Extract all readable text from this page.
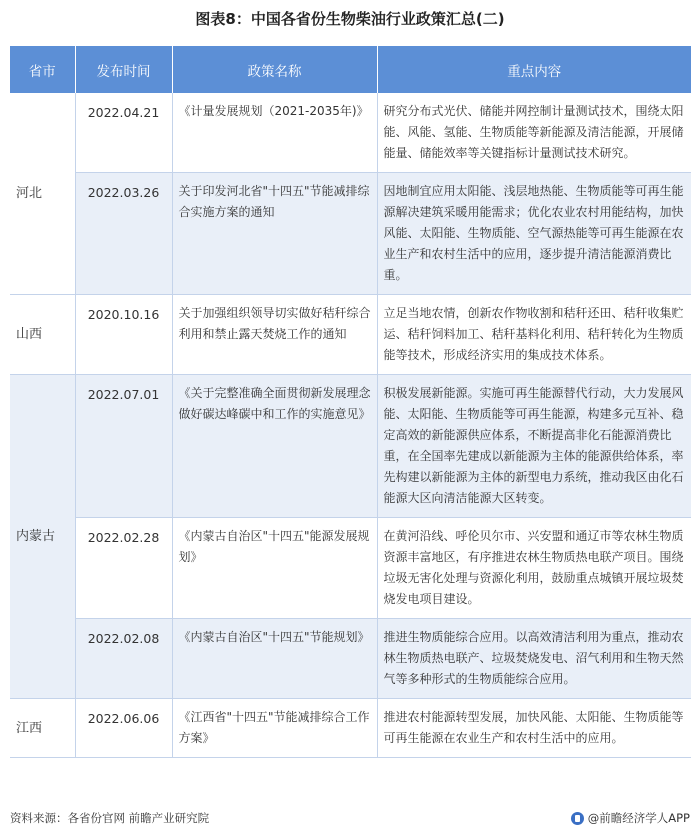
图表8：中国各省份生物柴油行业政策汇总(二)
省市	发布时间	政策名称	重点内容
河北	2022.04.21	《计量发展规划（2021-2035年)》	研究分布式光伏、储能并网控制计量测试技术，围绕太阳能、风能、氢能、生物质能等新能源及清洁能源，开展储能量、储能效率等关键指标计量测试技术研究。
	2022.03.26	关于印发河北省"十四五"节能减排综合实施方案的通知	因地制宜应用太阳能、浅层地热能、生物质能等可再生能源解决建筑采暖用能需求；优化农业农村用能结构，加快风能、太阳能、生物质能、空气源热能等可再生能源在农业生产和农村生活中的应用，逐步提升清洁能源消费比重。
山西	2020.10.16	关于加强组织领导切实做好秸秆综合利用和禁止露天焚烧工作的通知	立足当地农情，创新农作物收割和秸秆还田、秸秆收集贮运、秸秆饲料加工、秸秆基料化利用、秸秆转化为生物质能等技术，形成经济实用的集成技术体系。
内蒙古	2022.07.01	《关于完整准确全面贯彻新发展理念做好碳达峰碳中和工作的实施意见》	积极发展新能源。实施可再生能源替代行动，大力发展风能、太阳能、生物质能等可再生能源，构建多元互补、稳定高效的新能源供应体系，不断提高非化石能源消费比重，在全国率先建成以新能源为主体的能源供给体系，率先构建以新能源为主体的新型电力系统，推动我区由化石能源大区向清洁能源大区转变。
	2022.02.28	《内蒙古自治区"十四五"能源发展规划》	在黄河沿线、呼伦贝尔市、兴安盟和通辽市等农林生物质资源丰富地区，有序推进农林生物质热电联产项目。围绕垃圾无害化处理与资源化利用，鼓励重点城镇开展垃圾焚烧发电项目建设。
	2022.02.08	《内蒙古自治区"十四五"节能规划》	推进生物质能综合应用。以高效清洁利用为重点，推动农林生物质热电联产、垃圾焚烧发电、沼气利用和生物天然气等多种形式的生物质能综合应用。
江西	2022.06.06	《江西省"十四五"节能减排综合工作方案》	推进农村能源转型发展，加快风能、太阳能、生物质能等可再生能源在农业生产和农村生活中的应用。
资料来源：各省份官网 前瞻产业研究院	@前瞻经济学人APP
